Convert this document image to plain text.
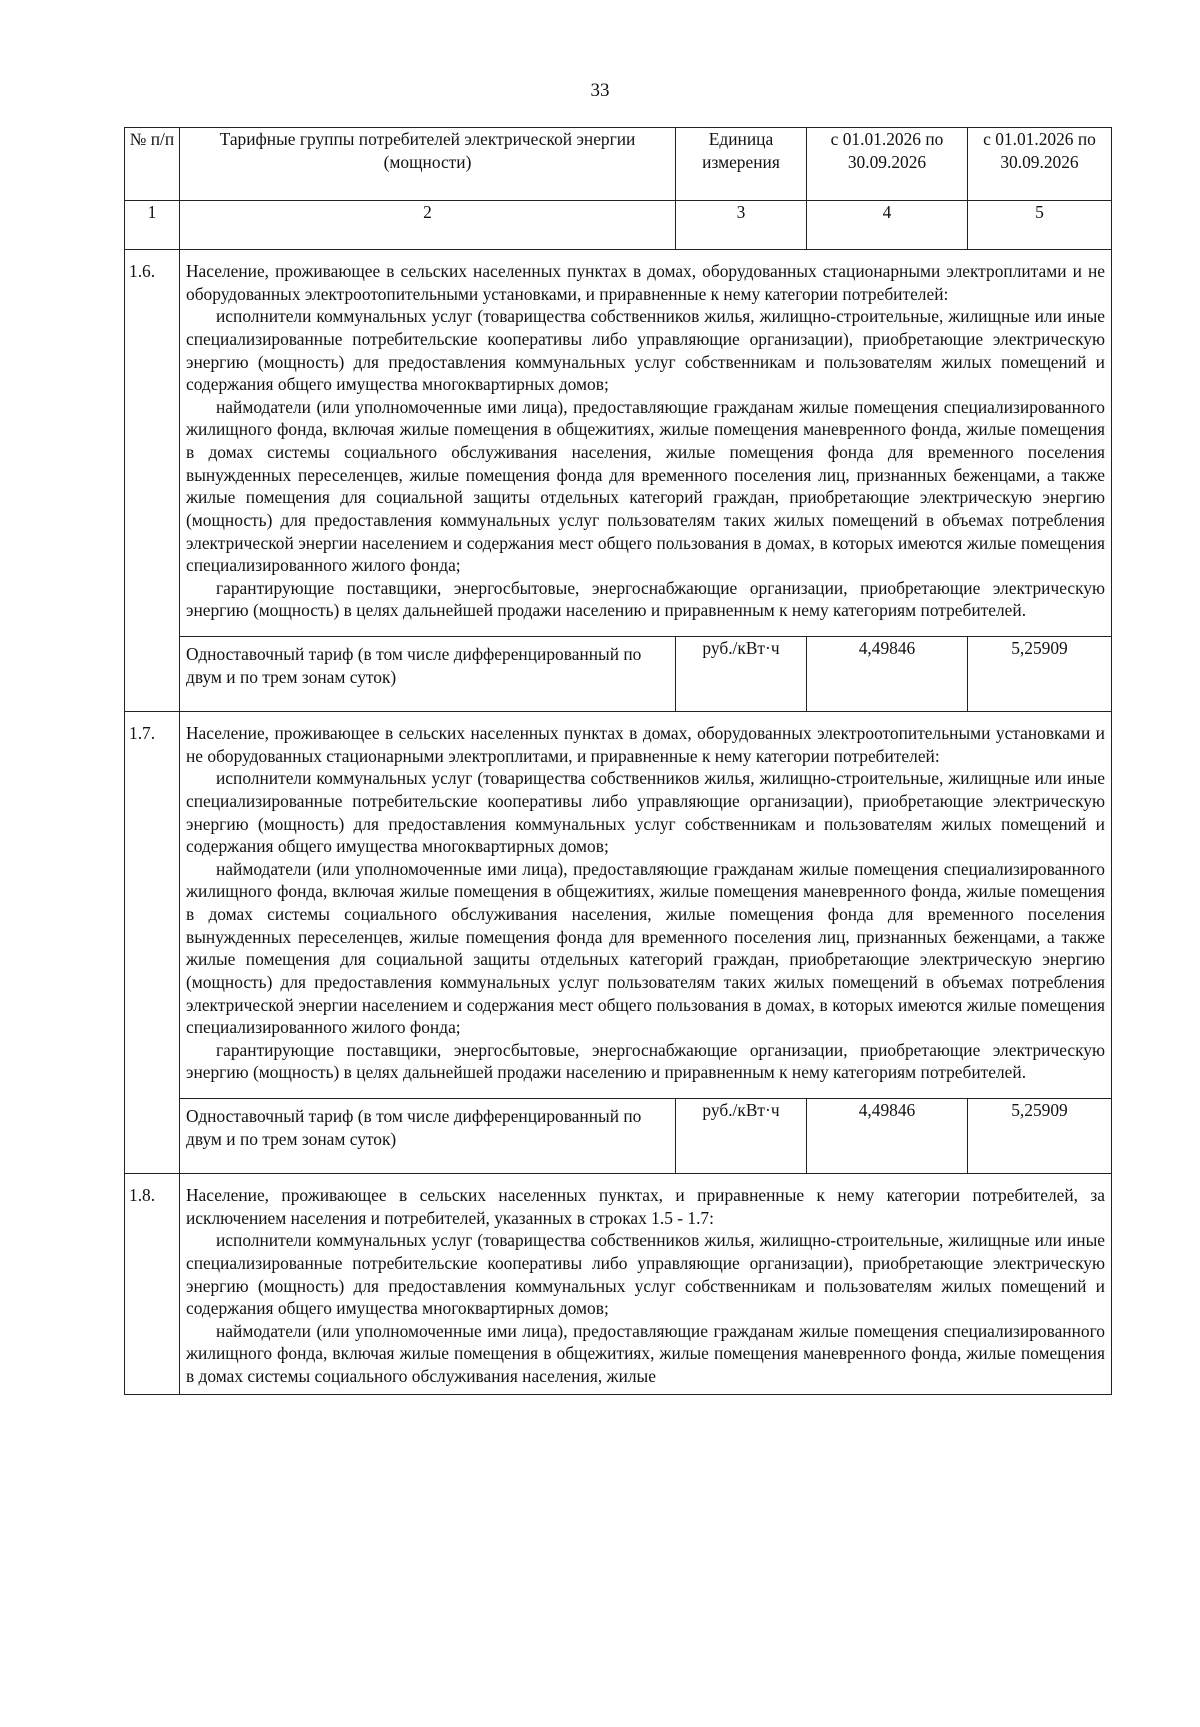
33
№ п/п	Тарифные группы потребителей электрической энергии (мощности)	Единица измерения	с 01.01.2026 по 30.09.2026	с 01.01.2026 по 30.09.2026
1	2	3	4	5
1.6.	Население, проживающее в сельских населенных пунктах в домах, оборудованных стационарными электроплитами и не оборудованных электроотопительными установками, и приравненные к нему категории потребителей:

исполнители коммунальных услуг (товарищества собственников жилья, жилищно-строительные, жилищные или иные специализированные потребительские кооперативы либо управляющие организации), приобретающие электрическую энергию (мощность) для предоставления коммунальных услуг собственникам и пользователям жилых помещений и содержания общего имущества многоквартирных домов;

наймодатели (или уполномоченные ими лица), предоставляющие гражданам жилые помещения специализированного жилищного фонда, включая жилые помещения в общежитиях, жилые помещения маневренного фонда, жилые помещения в домах системы социального обслуживания населения, жилые помещения фонда для временного поселения вынужденных переселенцев, жилые помещения фонда для временного поселения лиц, признанных беженцами, а также жилые помещения для социальной защиты отдельных категорий граждан, приобретающие электрическую энергию (мощность) для предоставления коммунальных услуг пользователям таких жилых помещений в объемах потребления электрической энергии населением и содержания мест общего пользования в домах, в которых имеются жилые помещения специализированного жилого фонда;

гарантирующие поставщики, энергосбытовые, энергоснабжающие организации, приобретающие электрическую энергию (мощность) в целях дальнейшей продажи населению и приравненным к нему категориям потребителей.			

	Одноставочный тариф (в том числе дифференцированный по двум и по трем зонам суток)	руб./кВт·ч	4,49846	5,25909
1.7.	Население, проживающее в сельских населенных пунктах в домах, оборудованных электроотопительными установками и не оборудованных стационарными электроплитами, и приравненные к нему категории потребителей:

исполнители коммунальных услуг (товарищества собственников жилья, жилищно-строительные, жилищные или иные специализированные потребительские кооперативы либо управляющие организации), приобретающие электрическую энергию (мощность) для предоставления коммунальных услуг собственникам и пользователям жилых помещений и содержания общего имущества многоквартирных домов;

наймодатели (или уполномоченные ими лица), предоставляющие гражданам жилые помещения специализированного жилищного фонда, включая жилые помещения в общежитиях, жилые помещения маневренного фонда, жилые помещения в домах системы социального обслуживания населения, жилые помещения фонда для временного поселения вынужденных переселенцев, жилые помещения фонда для временного поселения лиц, признанных беженцами, а также жилые помещения для социальной защиты отдельных категорий граждан, приобретающие электрическую энергию (мощность) для предоставления коммунальных услуг пользователям таких жилых помещений в объемах потребления электрической энергии населением и содержания мест общего пользования в домах, в которых имеются жилые помещения специализированного жилого фонда;

гарантирующие поставщики, энергосбытовые, энергоснабжающие организации, приобретающие электрическую энергию (мощность) в целях дальнейшей продажи населению и приравненным к нему категориям потребителей.			

	Одноставочный тариф (в том числе дифференцированный по двум и по трем зонам суток)	руб./кВт·ч	4,49846	5,25909
1.8.	Население, проживающее в сельских населенных пунктах, и приравненные к нему категории потребителей, за исключением населения и потребителей, указанных в строках 1.5 - 1.7:

исполнители коммунальных услуг (товарищества собственников жилья, жилищно-строительные, жилищные или иные специализированные потребительские кооперативы либо управляющие организации), приобретающие электрическую энергию (мощность) для предоставления коммунальных услуг собственникам и пользователям жилых помещений и содержания общего имущества многоквартирных домов;

наймодатели (или уполномоченные ими лица), предоставляющие гражданам жилые помещения специализированного жилищного фонда, включая жилые помещения в общежитиях, жилые помещения маневренного фонда, жилые помещения в домах системы социального обслуживания населения, жилые			
